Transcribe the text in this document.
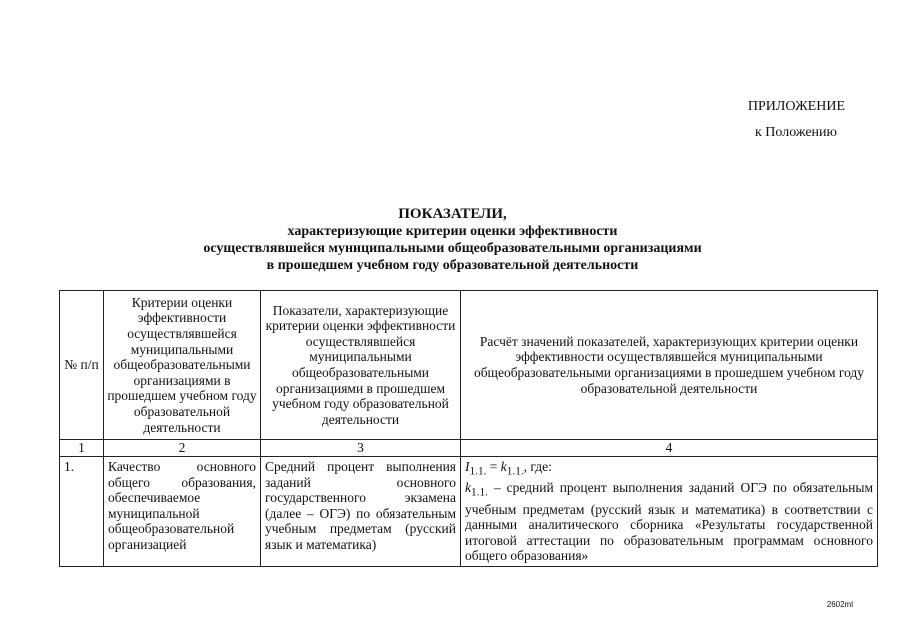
ПРИЛОЖЕНИЕ
к Положению
ПОКАЗАТЕЛИ,
характеризующие критерии оценки эффективности
осуществлявшейся муниципальными общеобразовательными организациями
в прошедшем учебном году образовательной деятельности
№ п/п	Критерии оценки эффективности осуществлявшейся муниципальными общеобразовательными организациями в прошедшем учебном году образовательной деятельности	Показатели, характеризующие критерии оценки эффективности осуществлявшейся муниципальными общеобразовательными организациями в прошедшем учебном году образовательной деятельности	Расчёт значений показателей, характеризующих критерии оценки эффективности осуществлявшейся муниципальными общеобразовательными организациями в прошедшем учебном году образовательной деятельности
1	2	3	4
1.	Качество основного общего образования, обеспечиваемое муниципальной общеобразовательной организацией	Средний процент выполнения заданий основного государственного экзамена (далее – ОГЭ) по обязательным учебным предметам (русский язык и математика)	$I_{1.1.} = k_{1.1.}$, где:
$k_{1.1.}$ – средний процент выполнения заданий ОГЭ по обязательным учебным предметам (русский язык и математика) в соответствии с данными аналитического сборника «Результаты государственной итоговой аттестации по образовательным программам основного общего образования»
2602ml
